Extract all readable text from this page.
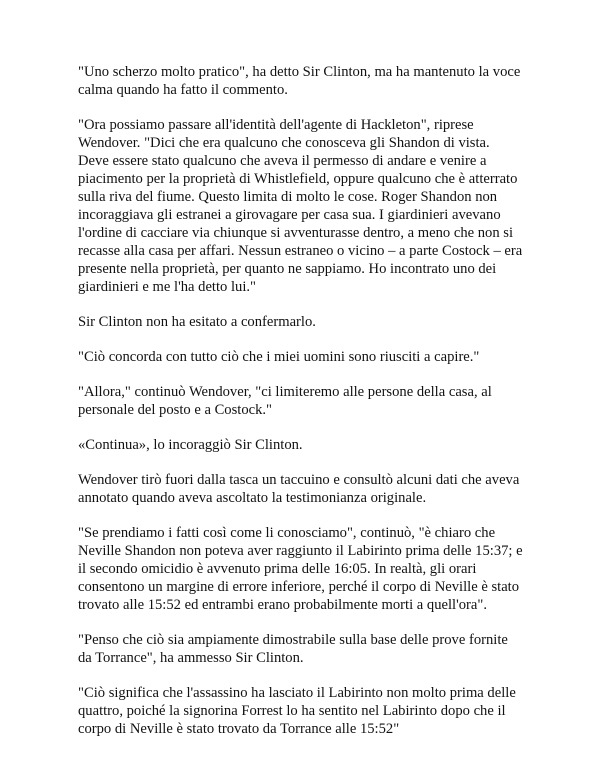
"Uno scherzo molto pratico", ha detto Sir Clinton, ma ha mantenuto la voce
calma quando ha fatto il commento.

"Ora possiamo passare all'identità dell'agente di Hackleton", riprese
Wendover. "Dici che era qualcuno che conosceva gli Shandon di vista.
Deve essere stato qualcuno che aveva il permesso di andare e venire a
piacimento per la proprietà di Whistlefield, oppure qualcuno che è atterrato
sulla riva del fiume. Questo limita di molto le cose. Roger Shandon non
incoraggiava gli estranei a girovagare per casa sua. I giardinieri avevano
l'ordine di cacciare via chiunque si avventurasse dentro, a meno che non si
recasse alla casa per affari. Nessun estraneo o vicino – a parte Costock – era
presente nella proprietà, per quanto ne sappiamo. Ho incontrato uno dei
giardinieri e me l'ha detto lui."

Sir Clinton non ha esitato a confermarlo.

"Ciò concorda con tutto ciò che i miei uomini sono riusciti a capire."

"Allora," continuò Wendover, "ci limiteremo alle persone della casa, al
personale del posto e a Costock."

«Continua», lo incoraggiò Sir Clinton.

Wendover tirò fuori dalla tasca un taccuino e consultò alcuni dati che aveva
annotato quando aveva ascoltato la testimonianza originale.

"Se prendiamo i fatti così come li conosciamo", continuò, "è chiaro che
Neville Shandon non poteva aver raggiunto il Labirinto prima delle 15:37; e
il secondo omicidio è avvenuto prima delle 16:05. In realtà, gli orari
consentono un margine di errore inferiore, perché il corpo di Neville è stato
trovato alle 15:52 ed entrambi erano probabilmente morti a quell'ora".

"Penso che ciò sia ampiamente dimostrabile sulla base delle prove fornite
da Torrance", ha ammesso Sir Clinton.

"Ciò significa che l'assassino ha lasciato il Labirinto non molto prima delle
quattro, poiché la signorina Forrest lo ha sentito nel Labirinto dopo che il
corpo di Neville è stato trovato da Torrance alle 15:52"
